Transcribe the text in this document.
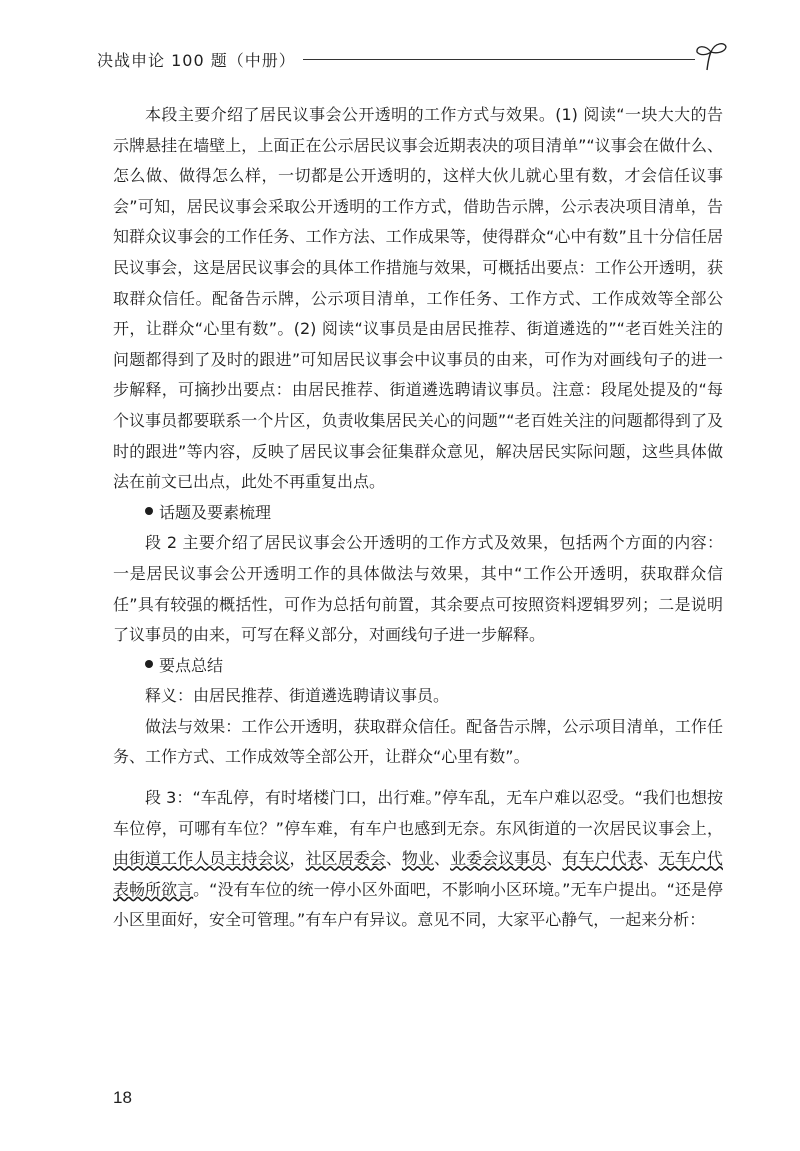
决战申论 100 题（中册）

本段主要介绍了居民议事会公开透明的工作方式与效果。(1) 阅读“一块大大的告示牌悬挂在墙壁上，上面正在公示居民议事会近期表决的项目清单”“议事会在做什么、怎么做、做得怎么样，一切都是公开透明的，这样大伙儿就心里有数，才会信任议事会”可知，居民议事会采取公开透明的工作方式，借助告示牌，公示表决项目清单，告知群众议事会的工作任务、工作方法、工作成果等，使得群众“心中有数”且十分信任居民议事会，这是居民议事会的具体工作措施与效果，可概括出要点：工作公开透明，获取群众信任。配备告示牌，公示项目清单，工作任务、工作方式、工作成效等全部公开，让群众“心里有数”。(2) 阅读“议事员是由居民推荐、街道遴选的”“老百姓关注的问题都得到了及时的跟进”可知居民议事会中议事员的由来，可作为对画线句子的进一步解释，可摘抄出要点：由居民推荐、街道遴选聘请议事员。注意：段尾处提及的“每个议事员都要联系一个片区，负责收集居民关心的问题”“老百姓关注的问题都得到了及时的跟进”等内容，反映了居民议事会征集群众意见，解决居民实际问题，这些具体做法在前文已出点，此处不再重复出点。

话题及要素梳理

段 2 主要介绍了居民议事会公开透明的工作方式及效果，包括两个方面的内容：一是居民议事会公开透明工作的具体做法与效果，其中“工作公开透明，获取群众信任”具有较强的概括性，可作为总括句前置，其余要点可按照资料逻辑罗列；二是说明了议事员的由来，可写在释义部分，对画线句子进一步解释。

要点总结

释义：由居民推荐、街道遴选聘请议事员。

做法与效果：工作公开透明，获取群众信任。配备告示牌，公示项目清单，工作任务、工作方式、工作成效等全部公开，让群众“心里有数”。

段 3：“车乱停，有时堵楼门口，出行难。”停车乱，无车户难以忍受。“我们也想按车位停，可哪有车位？”停车难，有车户也感到无奈。东风街道的一次居民议事会上，由街道工作人员主持会议，社区居委会、物业、业委会议事员、有车户代表、无车户代表畅所欲言。“没有车位的统一停小区外面吧，不影响小区环境。”无车户提出。“还是停小区里面好，安全可管理。”有车户有异议。意见不同，大家平心静气，一起来分析：

18
